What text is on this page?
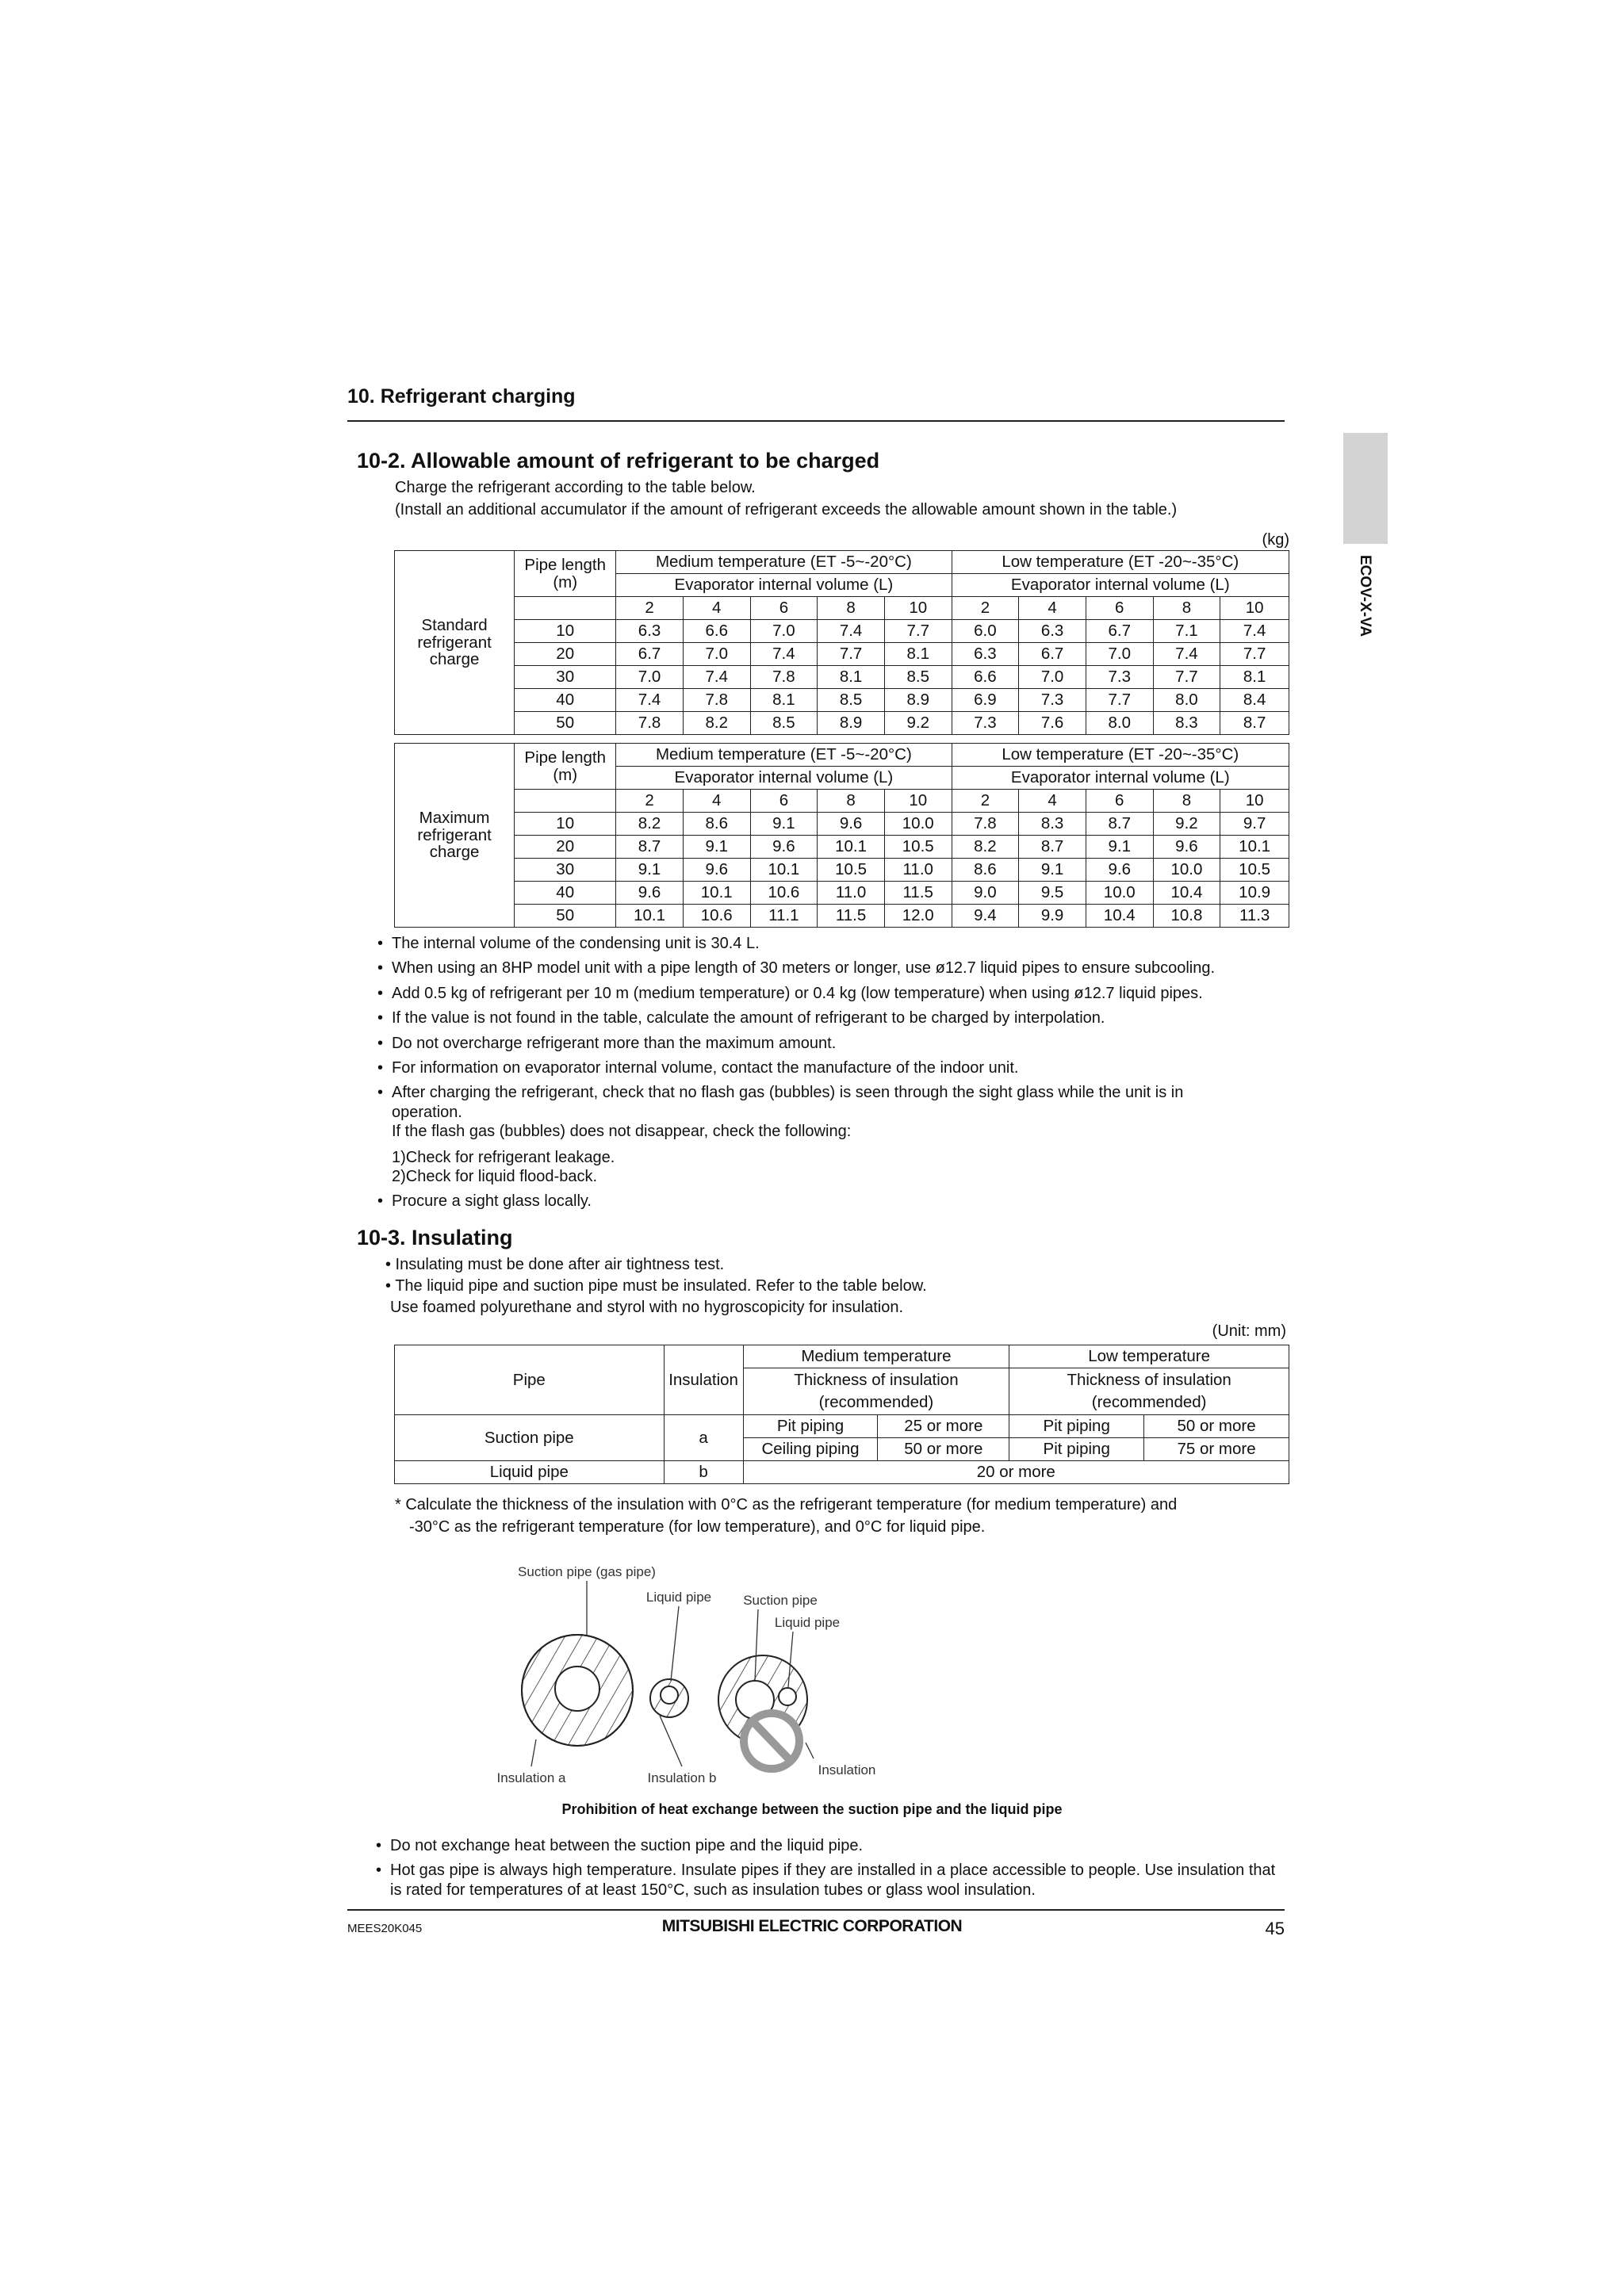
10. Refrigerant charging
ECOV-X-VA
10-2. Allowable amount of refrigerant to be charged
Charge the refrigerant according to the table below.
(Install an additional accumulator if the amount of refrigerant exceeds the allowable amount shown in the table.)
(kg)
Standard refrigerant charge	Pipe length
(m)	Medium temperature (ET -5~-20°C)					Low temperature (ET -20~-35°C)				
		Evaporator internal volume (L)					Evaporator internal volume (L)				
		2	4	6	8	10	2	4	6	8	10
	10	6.3	6.6	7.0	7.4	7.7	6.0	6.3	6.7	7.1	7.4
	20	6.7	7.0	7.4	7.7	8.1	6.3	6.7	7.0	7.4	7.7
	30	7.0	7.4	7.8	8.1	8.5	6.6	7.0	7.3	7.7	8.1
	40	7.4	7.8	8.1	8.5	8.9	6.9	7.3	7.7	8.0	8.4
	50	7.8	8.2	8.5	8.9	9.2	7.3	7.6	8.0	8.3	8.7

Maximum refrigerant charge	Pipe length
(m)	Medium temperature (ET -5~-20°C)					Low temperature (ET -20~-35°C)				
		Evaporator internal volume (L)					Evaporator internal volume (L)				
		2	4	6	8	10	2	4	6	8	10
	10	8.2	8.6	9.1	9.6	10.0	7.8	8.3	8.7	9.2	9.7
	20	8.7	9.1	9.6	10.1	10.5	8.2	8.7	9.1	9.6	10.1
	30	9.1	9.6	10.1	10.5	11.0	8.6	9.1	9.6	10.0	10.5
	40	9.6	10.1	10.6	11.0	11.5	9.0	9.5	10.0	10.4	10.9
	50	10.1	10.6	11.1	11.5	12.0	9.4	9.9	10.4	10.8	11.3
• The internal volume of the condensing unit is 30.4 L.
• When using an 8HP model unit with a pipe length of 30 meters or longer, use ø12.7 liquid pipes to ensure subcooling.
• Add 0.5 kg of refrigerant per 10 m (medium temperature) or 0.4 kg (low temperature) when using ø12.7 liquid pipes.
• If the value is not found in the table, calculate the amount of refrigerant to be charged by interpolation.
• Do not overcharge refrigerant more than the maximum amount.
• For information on evaporator internal volume, contact the manufacture of the indoor unit.
• After charging the refrigerant, check that no flash gas (bubbles) is seen through the sight glass while the unit is in
operation.
If the flash gas (bubbles) does not disappear, check the following:
1)Check for refrigerant leakage.
2)Check for liquid flood-back.
• Procure a sight glass locally.
10-3. Insulating
• Insulating must be done after air tightness test.
• The liquid pipe and suction pipe must be insulated. Refer to the table below.
Use foamed polyurethane and styrol with no hygroscopicity for insulation.
(Unit: mm)
Pipe	Insulation	Medium temperature		Low temperature	
		Thickness of insulation
(recommended)		Thickness of insulation
(recommended)	
Suction pipe	a	Pit piping	25 or more	Pit piping	50 or more
		Ceiling piping	50 or more	Pit piping	75 or more
Liquid pipe	b	20 or more			
* Calculate the thickness of the insulation with 0°C as the refrigerant temperature (for medium temperature) and
-30°C as the refrigerant temperature (for low temperature), and 0°C for liquid pipe.
Suction pipe (gas pipe)
Liquid pipe Suction pipe
Liquid pipe
Insulation a	Insulation b
Insulation
Prohibition of heat exchange between the suction pipe and the liquid pipe
• Do not exchange heat between the suction pipe and the liquid pipe.
• Hot gas pipe is always high temperature. Insulate pipes if they are installed in a place accessible to people. Use insulation that is rated for temperatures of at least 150°C, such as insulation tubes or glass wool insulation.
MEES20K045	MITSUBISHI ELECTRIC CORPORATION	45
